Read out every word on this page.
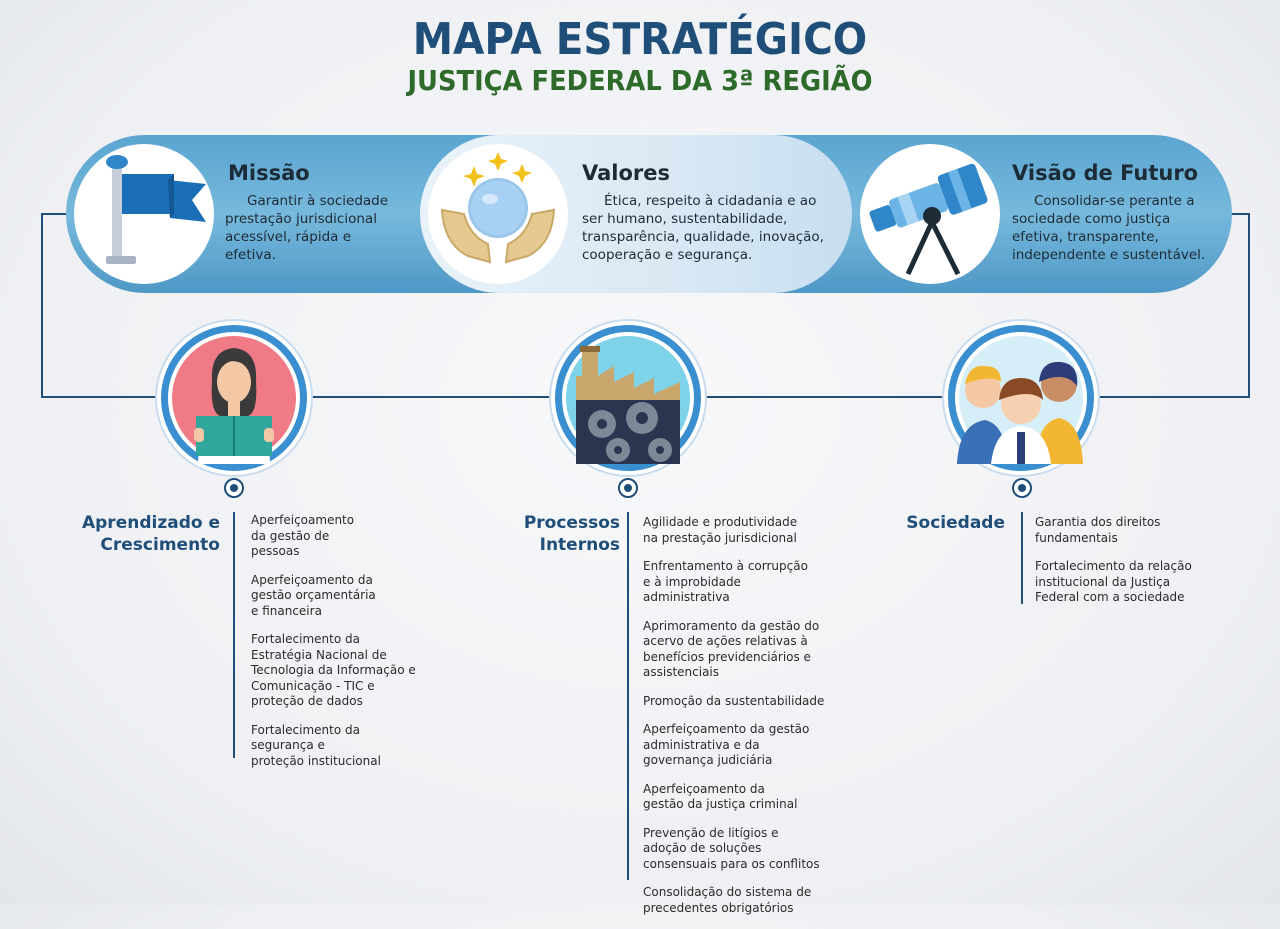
MAPA ESTRATÉGICO
JUSTIÇA FEDERAL DA 3ª REGIÃO
Missão
Garantir à sociedade prestação jurisdicional acessível, rápida e efetiva.
Valores
Ética, respeito à cidadania e ao ser humano, sustentabilidade, transparência, qualidade, inovação, cooperação e segurança.
Visão de Futuro
Consolidar-se perante a sociedade como justiça efetiva, transparente, independente e sustentável.
Aprendizado e
Crescimento
Aperfeiçoamento da gestão de pessoas
Aperfeiçoamento da gestão orçamentária e financeira
Fortalecimento da Estratégia Nacional de Tecnologia da Informação e Comunicação - TIC e proteção de dados
Fortalecimento da segurança e proteção institucional
Processos
Internos
Agilidade e produtividade na prestação jurisdicional
Enfrentamento à corrupção e à improbidade administrativa
Aprimoramento da gestão do acervo de ações relativas à benefícios previdenciários e assistenciais
Promoção da sustentabilidade
Aperfeiçoamento da gestão administrativa e da governança judiciária
Aperfeiçoamento da gestão da justiça criminal
Prevenção de litígios e adoção de soluções consensuais para os conflitos
Consolidação do sistema de precedentes obrigatórios
Sociedade	Garantia dos direitos fundamentais
Fortalecimento da relação institucional da Justiça Federal com a sociedade
